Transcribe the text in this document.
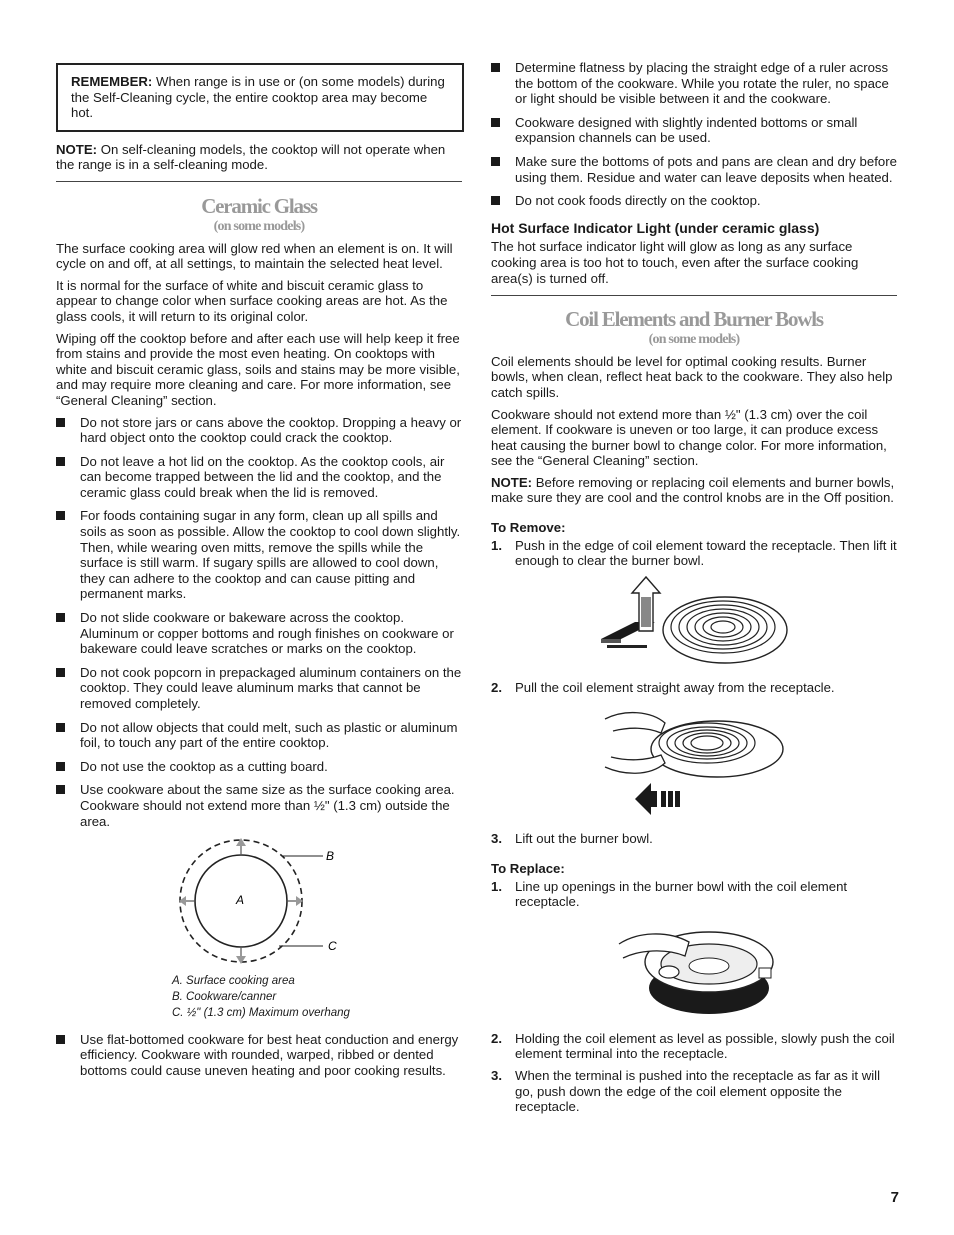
REMEMBER: When range is in use or (on some models) during the Self-Cleaning cycle, the entire cooktop area may become hot.

NOTE: On self-cleaning models, the cooktop will not operate when the range is in a self-cleaning mode.

Ceramic Glass
(on some models)

The surface cooking area will glow red when an element is on. It will cycle on and off, at all settings, to maintain the selected heat level.

It is normal for the surface of white and biscuit ceramic glass to appear to change color when surface cooking areas are hot. As the glass cools, it will return to its original color.

Wiping off the cooktop before and after each use will help keep it free from stains and provide the most even heating. On cooktops with white and biscuit ceramic glass, soils and stains may be more visible, and may require more cleaning and care. For more information, see “General Cleaning” section.

Do not store jars or cans above the cooktop. Dropping a heavy or hard object onto the cooktop could crack the cooktop.
Do not leave a hot lid on the cooktop. As the cooktop cools, air can become trapped between the lid and the cooktop, and the ceramic glass could break when the lid is removed.
For foods containing sugar in any form, clean up all spills and soils as soon as possible. Allow the cooktop to cool down slightly. Then, while wearing oven mitts, remove the spills while the surface is still warm. If sugary spills are allowed to cool down, they can adhere to the cooktop and can cause pitting and permanent marks.
Do not slide cookware or bakeware across the cooktop. Aluminum or copper bottoms and rough finishes on cookware or bakeware could leave scratches or marks on the cooktop.
Do not cook popcorn in prepackaged aluminum containers on the cooktop. They could leave aluminum marks that cannot be removed completely.
Do not allow objects that could melt, such as plastic or aluminum foil, to touch any part of the entire cooktop.
Do not use the cooktop as a cutting board.
Use cookware about the same size as the surface cooking area. Cookware should not extend more than ½" (1.3 cm) outside the area.
A
B
C
A. Surface cooking area
B. Cookware/canner
C. ½" (1.3 cm) Maximum overhang
Use flat-bottomed cookware for best heat conduction and energy efficiency. Cookware with rounded, warped, ribbed or dented bottoms could cause uneven heating and poor cooking results.
Determine flatness by placing the straight edge of a ruler across the bottom of the cookware. While you rotate the ruler, no space or light should be visible between it and the cookware.
Cookware designed with slightly indented bottoms or small expansion channels can be used.
Make sure the bottoms of pots and pans are clean and dry before using them. Residue and water can leave deposits when heated.
Do not cook foods directly on the cooktop.
Hot Surface Indicator Light (under ceramic glass)

The hot surface indicator light will glow as long as any surface cooking area is too hot to touch, even after the surface cooking area(s) is turned off.

Coil Elements and Burner Bowls
(on some models)

Coil elements should be level for optimal cooking results. Burner bowls, when clean, reflect heat back to the cookware. They also help catch spills.

Cookware should not extend more than ½" (1.3 cm) over the coil element. If cookware is uneven or too large, it can produce excess heat causing the burner bowl to change color. For more information, see the “General Cleaning” section.

NOTE: Before removing or replacing coil elements and burner bowls, make sure they are cool and the control knobs are in the Off position.

To Remove:
1. Push in the edge of coil element toward the receptacle. Then lift it enough to clear the burner bowl.
2. Pull the coil element straight away from the receptacle.
3. Lift out the burner bowl.
To Replace:
1. Line up openings in the burner bowl with the coil element receptacle.
2. Holding the coil element as level as possible, slowly push the coil element terminal into the receptacle.
3. When the terminal is pushed into the receptacle as far as it will go, push down the edge of the coil element opposite the receptacle.
7
